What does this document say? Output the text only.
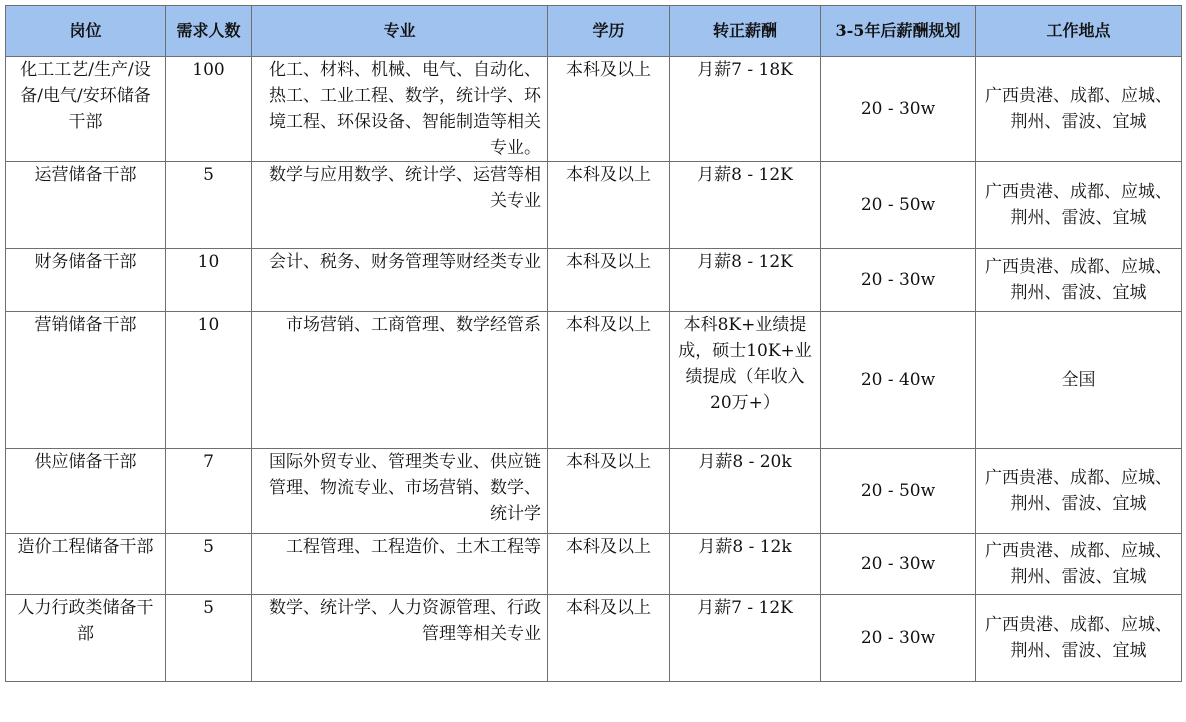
岗位	需求人数	专业	学历	转正薪酬	3-5年后薪酬规划	工作地点
化工工艺/生产/设备/电气/安环储备干部	100	化工、材料、机械、电气、自动化、热工、工业工程、数学，统计学、环境工程、环保设备、智能制造等相关专业。	本科及以上	月薪7 - 18K	20 - 30w	广西贵港、成都、应城、荆州、雷波、宜城
运营储备干部	5	数学与应用数学、统计学、运营等相关专业	本科及以上	月薪8 - 12K	20 - 50w	广西贵港、成都、应城、荆州、雷波、宜城
财务储备干部	10	会计、税务、财务管理等财经类专业	本科及以上	月薪8 - 12K	20 - 30w	广西贵港、成都、应城、荆州、雷波、宜城
营销储备干部	10	市场营销、工商管理、数学经管系	本科及以上	本科8K+业绩提成，硕士10K+业绩提成（年收入20万+）	20 - 40w	全国
供应储备干部	7	国际外贸专业、管理类专业、供应链管理、物流专业、市场营销、数学、统计学	本科及以上	月薪8 - 20k	20 - 50w	广西贵港、成都、应城、荆州、雷波、宜城
造价工程储备干部	5	工程管理、工程造价、土木工程等	本科及以上	月薪8 - 12k	20 - 30w	广西贵港、成都、应城、荆州、雷波、宜城
人力行政类储备干部	5	数学、统计学、人力资源管理、行政管理等相关专业	本科及以上	月薪7 - 12K	20 - 30w	广西贵港、成都、应城、荆州、雷波、宜城
